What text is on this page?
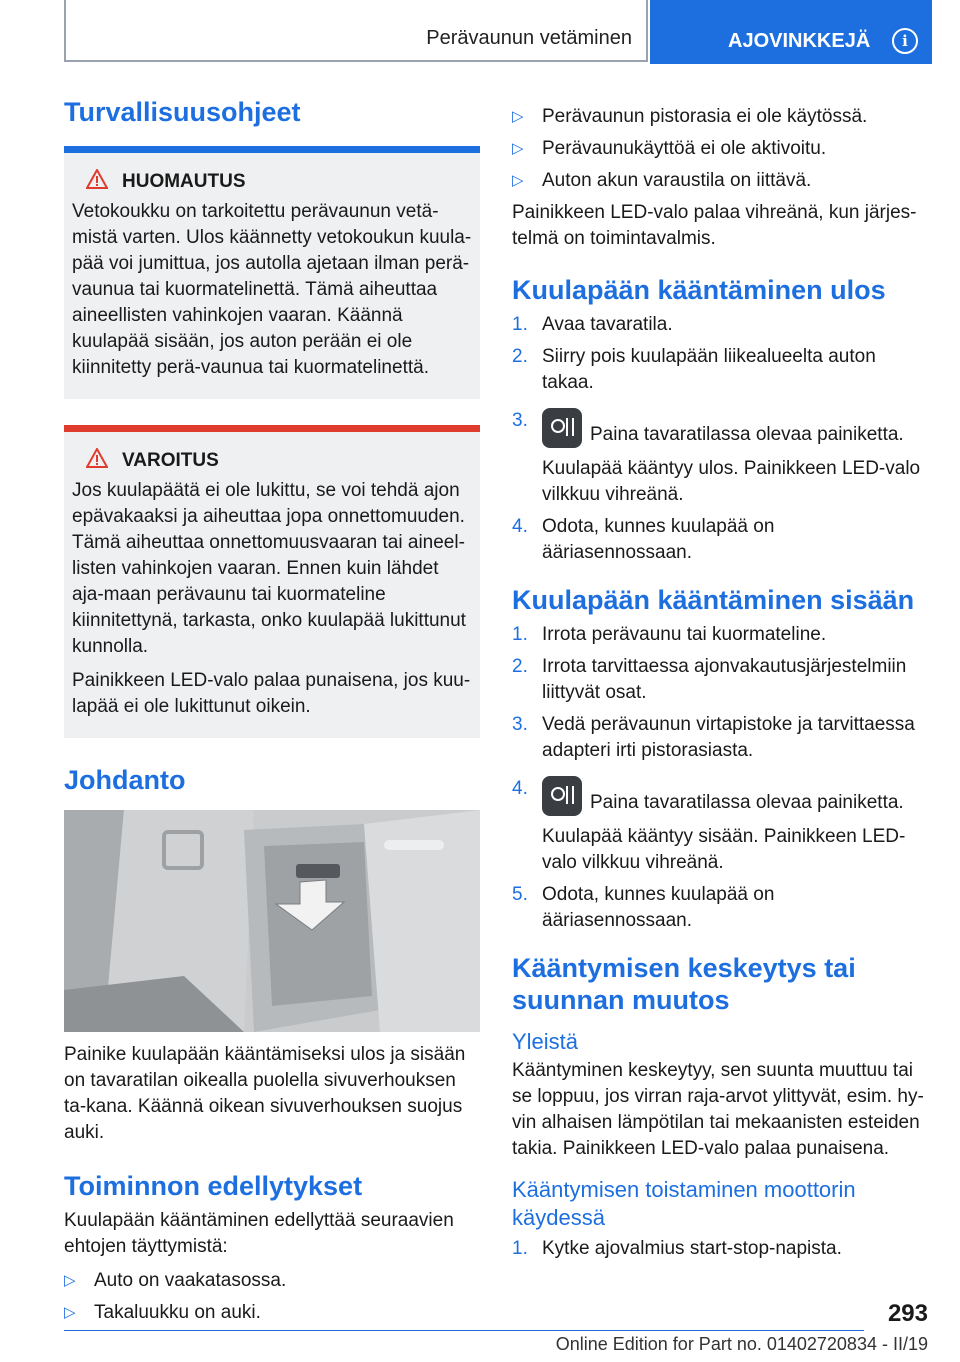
Perävaunun vetäminen	AJOVINKKEJÄ	i
Turvallisuusohjeet
HUOMAUTUS

Vetokoukku on tarkoitettu perävaunun vetä-mistä varten. Ulos käännetty vetokoukun kuula-pää voi jumittua, jos autolla ajetaan ilman perä-vaunua tai kuormatelinettä. Tämä aiheuttaa aineellisten vahinkojen vaaran. Käännä kuulapää sisään, jos auton perään ei ole kiinnitetty perä-vaunua tai kuormatelinettä.

VAROITUS

Jos kuulapäätä ei ole lukittu, se voi tehdä ajon epävakaaksi ja aiheuttaa jopa onnettomuuden. Tämä aiheuttaa onnettomuusvaaran tai aineel-listen vahinkojen vaaran. Ennen kuin lähdet aja-maan perävaunu tai kuormateline kiinnitettynä, tarkasta, onko kuulapää lukittunut kunnolla.

Painikkeen LED-valo palaa punaisena, jos kuu-lapää ei ole lukittunut oikein.

Johdanto

Painike kuulapään kääntämiseksi ulos ja sisään on tavaratilan oikealla puolella sivuverhouksen ta-kana. Käännä oikean sivuverhouksen suojus auki.

Toiminnon edellytykset

Kuulapään kääntäminen edellyttää seuraavien ehtojen täyttymistä:

▷ Auto on vaakatasossa.
▷ Takaluukku on auki.
▷ Perävaunun pistorasia ei ole käytössä.
▷ Perävaunukäyttöä ei ole aktivoitu.
▷ Auton akun varaustila on iittävä.

Painikkeen LED-valo palaa vihreänä, kun järjes-telmä on toimintavalmis.

Kuulapään kääntäminen ulos
1. Avaa tavaratila.
2. Siirry pois kuulapään liikealueelta auton takaa.
3.
Paina tavaratilassa olevaa painiketta.
Kuulapää kääntyy ulos. Painikkeen LED-valo vilkkuu vihreänä.
4. Odota, kunnes kuulapää on ääriasennossaan.
Kuulapään kääntäminen sisään
1. Irrota perävaunu tai kuormateline.
2. Irrota tarvittaessa ajonvakautusjärjestelmiin liittyvät osat.
3. Vedä perävaunun virtapistoke ja tarvittaessa adapteri irti pistorasiasta.
4.
Paina tavaratilassa olevaa painiketta.
Kuulapää kääntyy sisään. Painikkeen LED-valo vilkkuu vihreänä.
5. Odota, kunnes kuulapää on ääriasennossaan.
Kääntymisen keskeytys tai suunnan muutos
Yleistä

Kääntyminen keskeytyy, sen suunta muuttuu tai se loppuu, jos virran raja-arvot ylittyvät, esim. hy-vin alhaisen lämpötilan tai mekaanisten esteiden takia. Painikkeen LED-valo palaa punaisena.

Kääntymisen toistaminen moottorin käydessä
1. Kytke ajovalmius start-stop-napista.
293
Online Edition for Part no. 01402720834 - II/19
